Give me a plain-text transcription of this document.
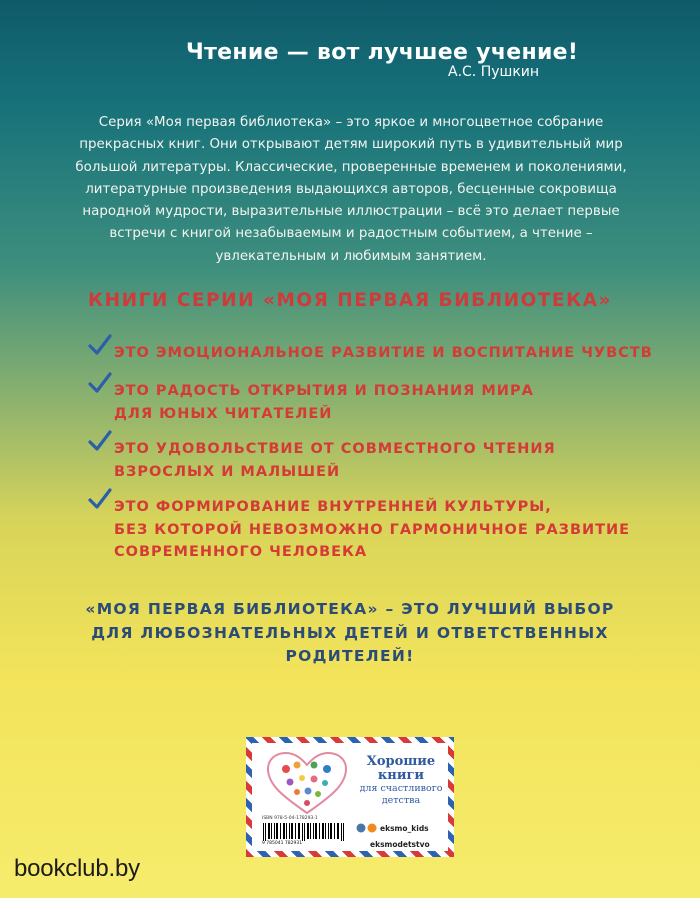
Чтение — вот лучшее учение!
А.С. Пушкин
Серия «Моя первая библиотека» – это яркое и многоцветное собрание
прекрасных книг. Они открывают детям широкий путь в удивительный мир
большой литературы. Классические, проверенные временем и поколениями,
литературные произведения выдающихся авторов, бесценные сокровища
народной мудрости, выразительные иллюстрации – всё это делает первые
встречи с книгой незабываемым и радостным событием, а чтение –
увлекательным и любимым занятием.
КНИГИ СЕРИИ «МОЯ ПЕРВАЯ БИБЛИОТЕКА»
ЭТО ЭМОЦИОНАЛЬНОЕ РАЗВИТИЕ И ВОСПИТАНИЕ ЧУВСТВ
ЭТО РАДОСТЬ ОТКРЫТИЯ И ПОЗНАНИЯ МИРА
ДЛЯ ЮНЫХ ЧИТАТЕЛЕЙ
ЭТО УДОВОЛЬСТВИЕ ОТ СОВМЕСТНОГО ЧТЕНИЯ
ВЗРОСЛЫХ И МАЛЫШЕЙ
ЭТО ФОРМИРОВАНИЕ ВНУТРЕННЕЙ КУЛЬТУРЫ,
БЕЗ КОТОРОЙ НЕВОЗМОЖНО ГАРМОНИЧНОЕ РАЗВИТИЕ
СОВРЕМЕННОГО ЧЕЛОВЕКА
«МОЯ ПЕРВАЯ БИБЛИОТЕКА» – ЭТО ЛУЧШИЙ ВЫБОР
ДЛЯ ЛЮБОЗНАТЕЛЬНЫХ ДЕТЕЙ И ОТВЕТСТВЕННЫХ
РОДИТЕЛЕЙ!
Хорошие
книги
для счастливого
детства
ISBN 978-5-04-178293-1
9 785041 782931
eksmo_kids
eksmodetstvo
bookclub.by
